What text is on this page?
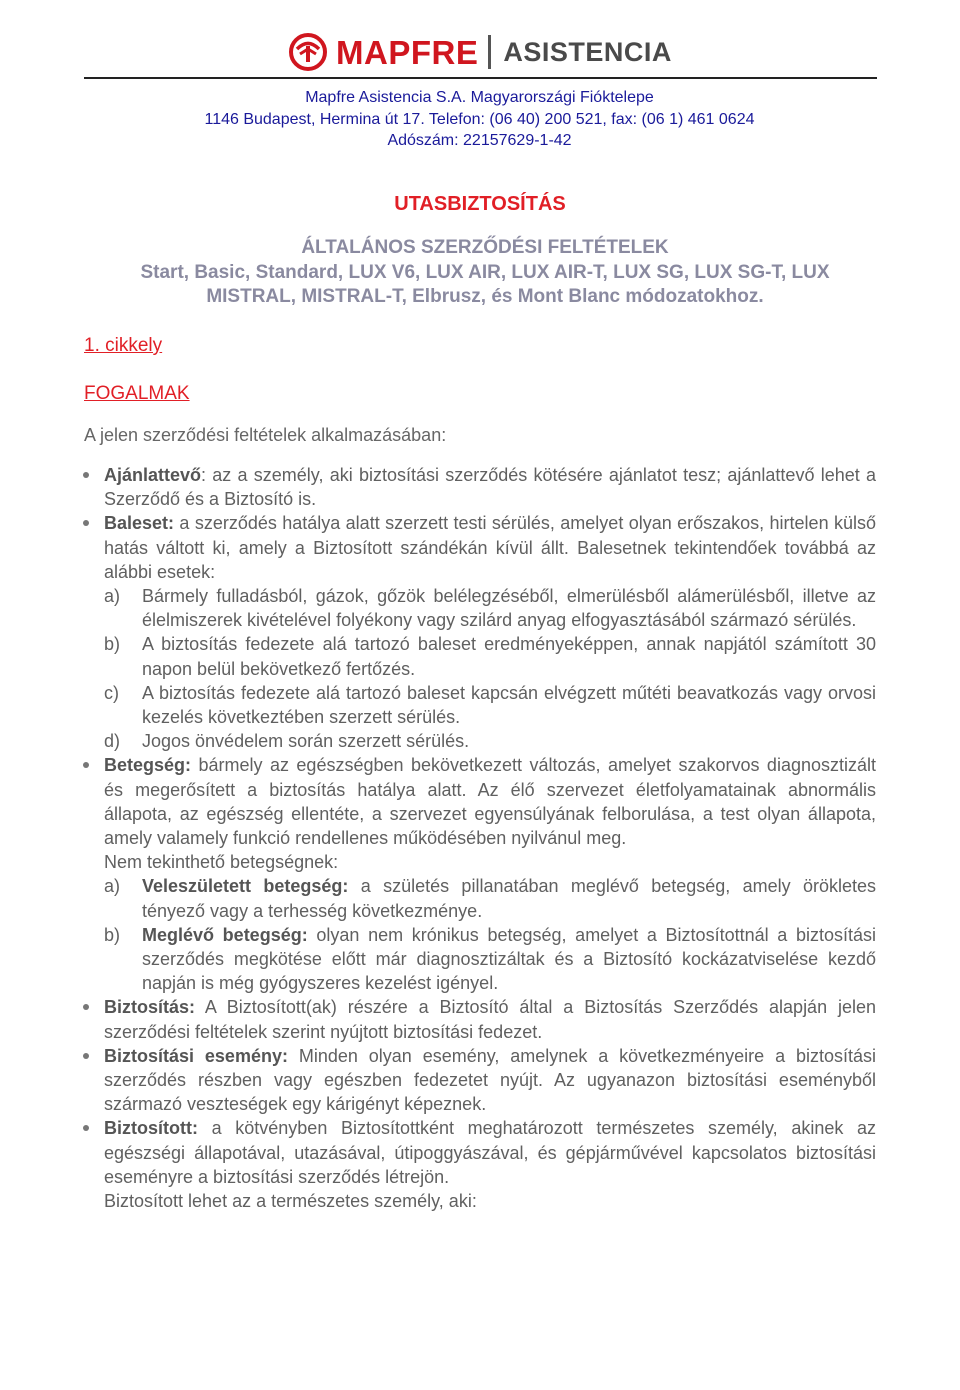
MAPFRE ASISTENCIA
Mapfre Asistencia S.A. Magyarországi Fióktelepe
1146 Budapest, Hermina út 17. Telefon: (06 40) 200 521, fax: (06 1) 461 0624
Adószám: 22157629-1-42
UTASBIZTOSÍTÁS
ÁLTALÁNOS SZERZŐDÉSI FELTÉTELEK
Start, Basic, Standard, LUX V6, LUX AIR, LUX AIR-T, LUX SG, LUX SG-T, LUX
MISTRAL, MISTRAL-T, Elbrusz, és Mont Blanc módozatokhoz.
1. cikkely
FOGALMAK
A jelen szerződési feltételek alkalmazásában:
Ajánlattevő: az a személy, aki biztosítási szerződés kötésére ajánlatot tesz; ajánlattevő lehet a Szerződő és a Biztosító is.
Baleset: a szerződés hatálya alatt szerzett testi sérülés, amelyet olyan erőszakos, hirtelen külső hatás váltott ki, amely a Biztosított szándékán kívül állt. Balesetnek tekintendőek továbbá az alábbi esetek:
a) Bármely fulladásból, gázok, gőzök belélegzéséből, elmerülésből alámerülésből, illetve az élelmiszerek kivételével folyékony vagy szilárd anyag elfogyasztásából származó sérülés.
b) A biztosítás fedezete alá tartozó baleset eredményeképpen, annak napjától számított 30 napon belül bekövetkező fertőzés.
c) A biztosítás fedezete alá tartozó baleset kapcsán elvégzett műtéti beavatkozás vagy orvosi kezelés következtében szerzett sérülés.
d) Jogos önvédelem során szerzett sérülés.
Betegség: bármely az egészségben bekövetkezett változás, amelyet szakorvos diagnosztizált és megerősített a biztosítás hatálya alatt. Az élő szervezet életfolyamatainak abnormális állapota, az egészség ellentéte, a szervezet egyensúlyának felborulása, a test olyan állapota, amely valamely funkció rendellenes működésében nyilvánul meg.
Nem tekinthető betegségnek:
a) Veleszületett betegség: a születés pillanatában meglévő betegség, amely örökletes tényező vagy a terhesség következménye.
b) Meglévő betegség: olyan nem krónikus betegség, amelyet a Biztosítottnál a biztosítási szerződés megkötése előtt már diagnosztizáltak és a Biztosító kockázatviselése kezdő napján is még gyógyszeres kezelést igényel.
Biztosítás: A Biztosított(ak) részére a Biztosító által a Biztosítás Szerződés alapján jelen szerződési feltételek szerint nyújtott biztosítási fedezet.
Biztosítási esemény: Minden olyan esemény, amelynek a következményeire a biztosítási szerződés részben vagy egészben fedezetet nyújt. Az ugyanazon biztosítási eseményből származó veszteségek egy kárigényt képeznek.
Biztosított: a kötvényben Biztosítottként meghatározott természetes személy, akinek az egészségi állapotával, utazásával, útipoggyászával, és gépjárművével kapcsolatos biztosítási eseményre a biztosítási szerződés létrejön.
Biztosított lehet az a természetes személy, aki:
